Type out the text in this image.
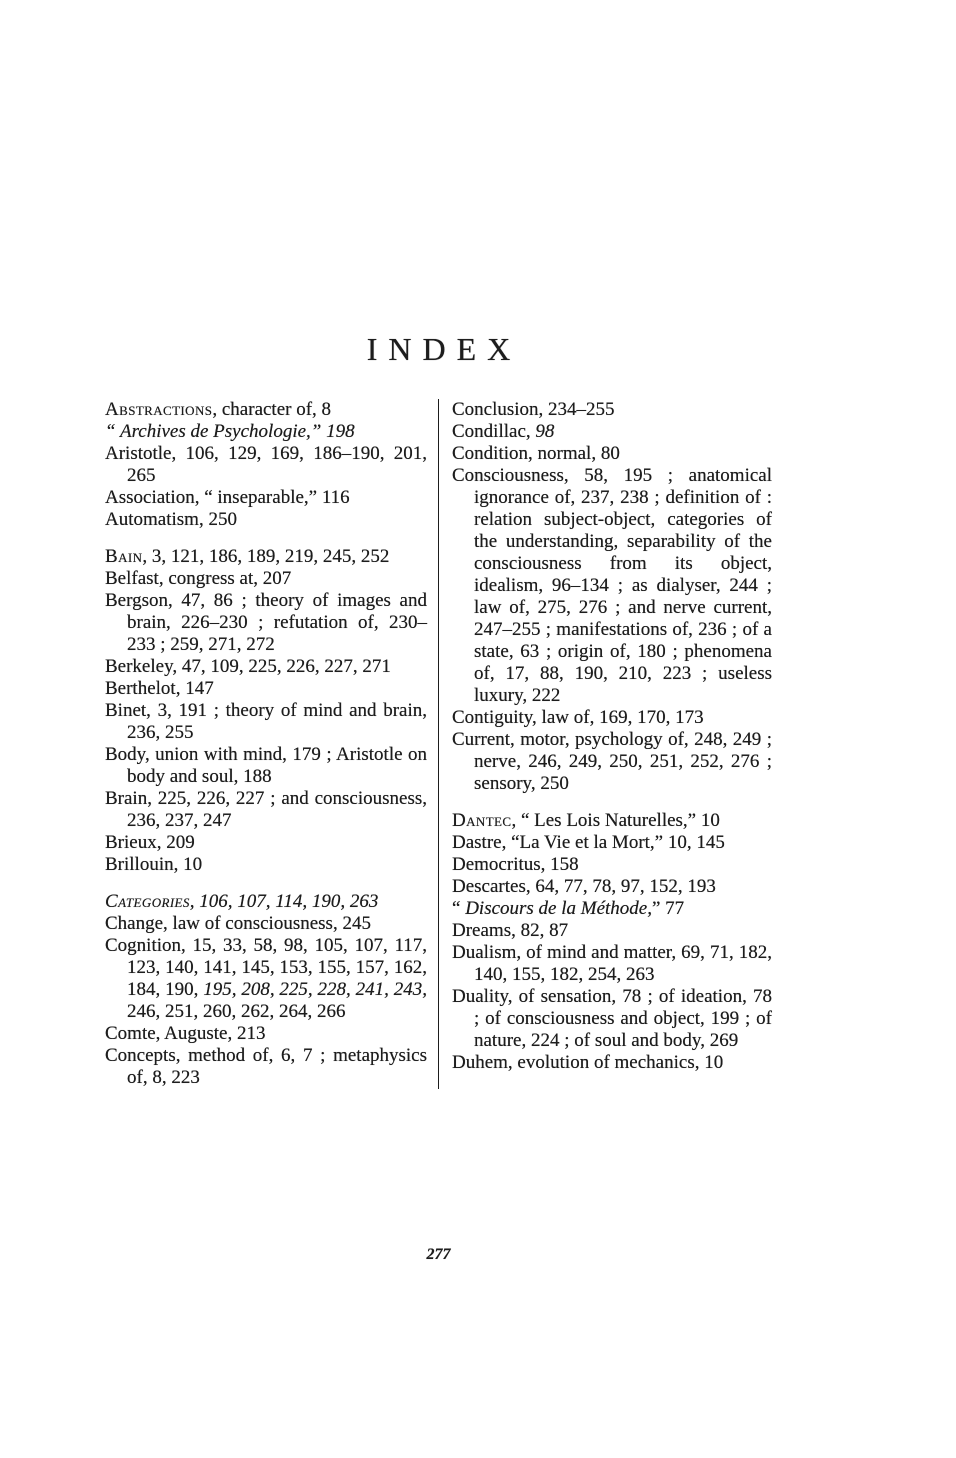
INDEX

Abstractions, character of, 8

“ Archives de Psychologie,” 198

Aristotle, 106, 129, 169, 186–190, 201, 265

Association, “ inseparable,” 116

Automatism, 250

Bain, 3, 121, 186, 189, 219, 245, 252

Belfast, congress at, 207

Bergson, 47, 86 ; theory of images and brain, 226–230 ; refutation of, 230–233 ; 259, 271, 272

Berkeley, 47, 109, 225, 226, 227, 271

Berthelot, 147

Binet, 3, 191 ; theory of mind and brain, 236, 255

Body, union with mind, 179 ; Aristotle on body and soul, 188

Brain, 225, 226, 227 ; and consciousness, 236, 237, 247

Brieux, 209

Brillouin, 10

Categories, 106, 107, 114, 190, 263

Change, law of consciousness, 245

Cognition, 15, 33, 58, 98, 105, 107, 117, 123, 140, 141, 145, 153, 155, 157, 162, 184, 190, 195, 208, 225, 228, 241, 243, 246, 251, 260, 262, 264, 266

Comte, Auguste, 213

Concepts, method of, 6, 7 ; metaphysics of, 8, 223

Conclusion, 234–255

Condillac, 98

Condition, normal, 80

Consciousness, 58, 195 ; anatomical ignorance of, 237, 238 ; definition of : relation subject-object, categories of the understanding, separability of the consciousness from its object, idealism, 96–134 ; as dialyser, 244 ; law of, 275, 276 ; and nerve current, 247–255 ; manifestations of, 236 ; of a state, 63 ; origin of, 180 ; phenomena of, 17, 88, 190, 210, 223 ; useless luxury, 222

Contiguity, law of, 169, 170, 173

Current, motor, psychology of, 248, 249 ; nerve, 246, 249, 250, 251, 252, 276 ; sensory, 250

Dantec, “ Les Lois Naturelles,” 10

Dastre, “La Vie et la Mort,” 10, 145

Democritus, 158

Descartes, 64, 77, 78, 97, 152, 193

“ Discours de la Méthode,” 77

Dreams, 82, 87

Dualism, of mind and matter, 69, 71, 182, 140, 155, 182, 254, 263

Duality, of sensation, 78 ; of ideation, 78 ; of consciousness and object, 199 ; of nature, 224 ; of soul and body, 269

Duhem, evolution of mechanics, 10

277
